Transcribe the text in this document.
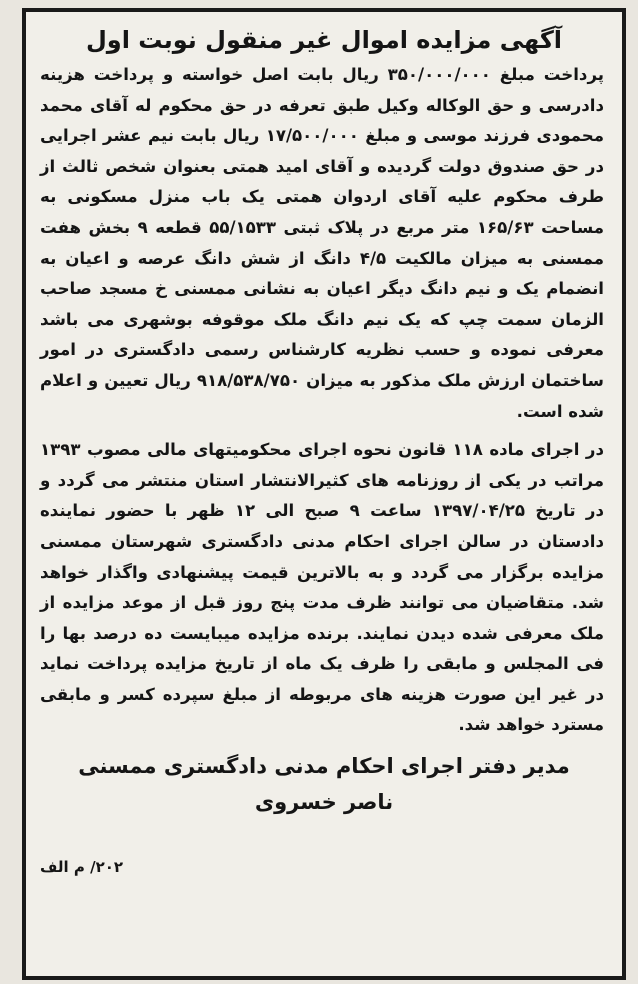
آگهی مزایده اموال غیر منقول نوبت اول
پرداخت مبلغ ۳۵۰/۰۰۰/۰۰۰ ریال بابت اصل خواسته و پرداخت هزینه دادرسی و حق الوکاله وکیل طبق تعرفه در حق محکوم له آقای محمد محمودی فرزند موسی و مبلغ ۱۷/۵۰۰/۰۰۰ ریال بابت نیم عشر اجرایی در حق صندوق دولت گردیده و آقای امید همتی بعنوان شخص ثالث از طرف محکوم علیه آقای اردوان همتی یک باب منزل مسکونی به مساحت ۱۶۵/۶۳ متر مربع در پلاک ثبتی ۵۵/۱۵۳۳ قطعه ۹ بخش هفت ممسنی به میزان مالکیت ۴/۵ دانگ از شش دانگ عرصه و اعیان به انضمام یک و نیم دانگ دیگر اعیان به نشانی ممسنی خ مسجد صاحب الزمان سمت چپ که یک نیم دانگ ملک موقوفه بوشهری می باشد معرفی نموده و حسب نظریه کارشناس رسمی دادگستری در امور ساختمان ارزش ملک مذکور به میزان ۹۱۸/۵۳۸/۷۵۰ ریال تعیین و اعلام شده است.
در اجرای ماده ۱۱۸ قانون نحوه اجرای محکومیتهای مالی مصوب ۱۳۹۳ مراتب در یکی از روزنامه های کثیرالانتشار استان منتشر می گردد و در تاریخ ۱۳۹۷/۰۴/۲۵ ساعت ۹ صبح الی ۱۲ ظهر با حضور نماینده دادستان در سالن اجرای احکام مدنی دادگستری شهرستان ممسنی مزایده برگزار می گردد و به بالاترین قیمت پیشنهادی واگذار خواهد شد. متقاضیان می توانند ظرف مدت پنج روز قبل از موعد مزایده از ملک معرفی شده دیدن نمایند. برنده مزایده میبایست ده درصد بها را فی المجلس و مابقی را ظرف یک ماه از تاریخ مزایده پرداخت نماید در غیر این صورت هزینه های مربوطه از مبلغ سپرده کسر و مابقی مسترد خواهد شد.
۲۰۲/ م الف
مدیر دفتر اجرای احکام مدنی دادگستری ممسنی
ناصر خسروی
